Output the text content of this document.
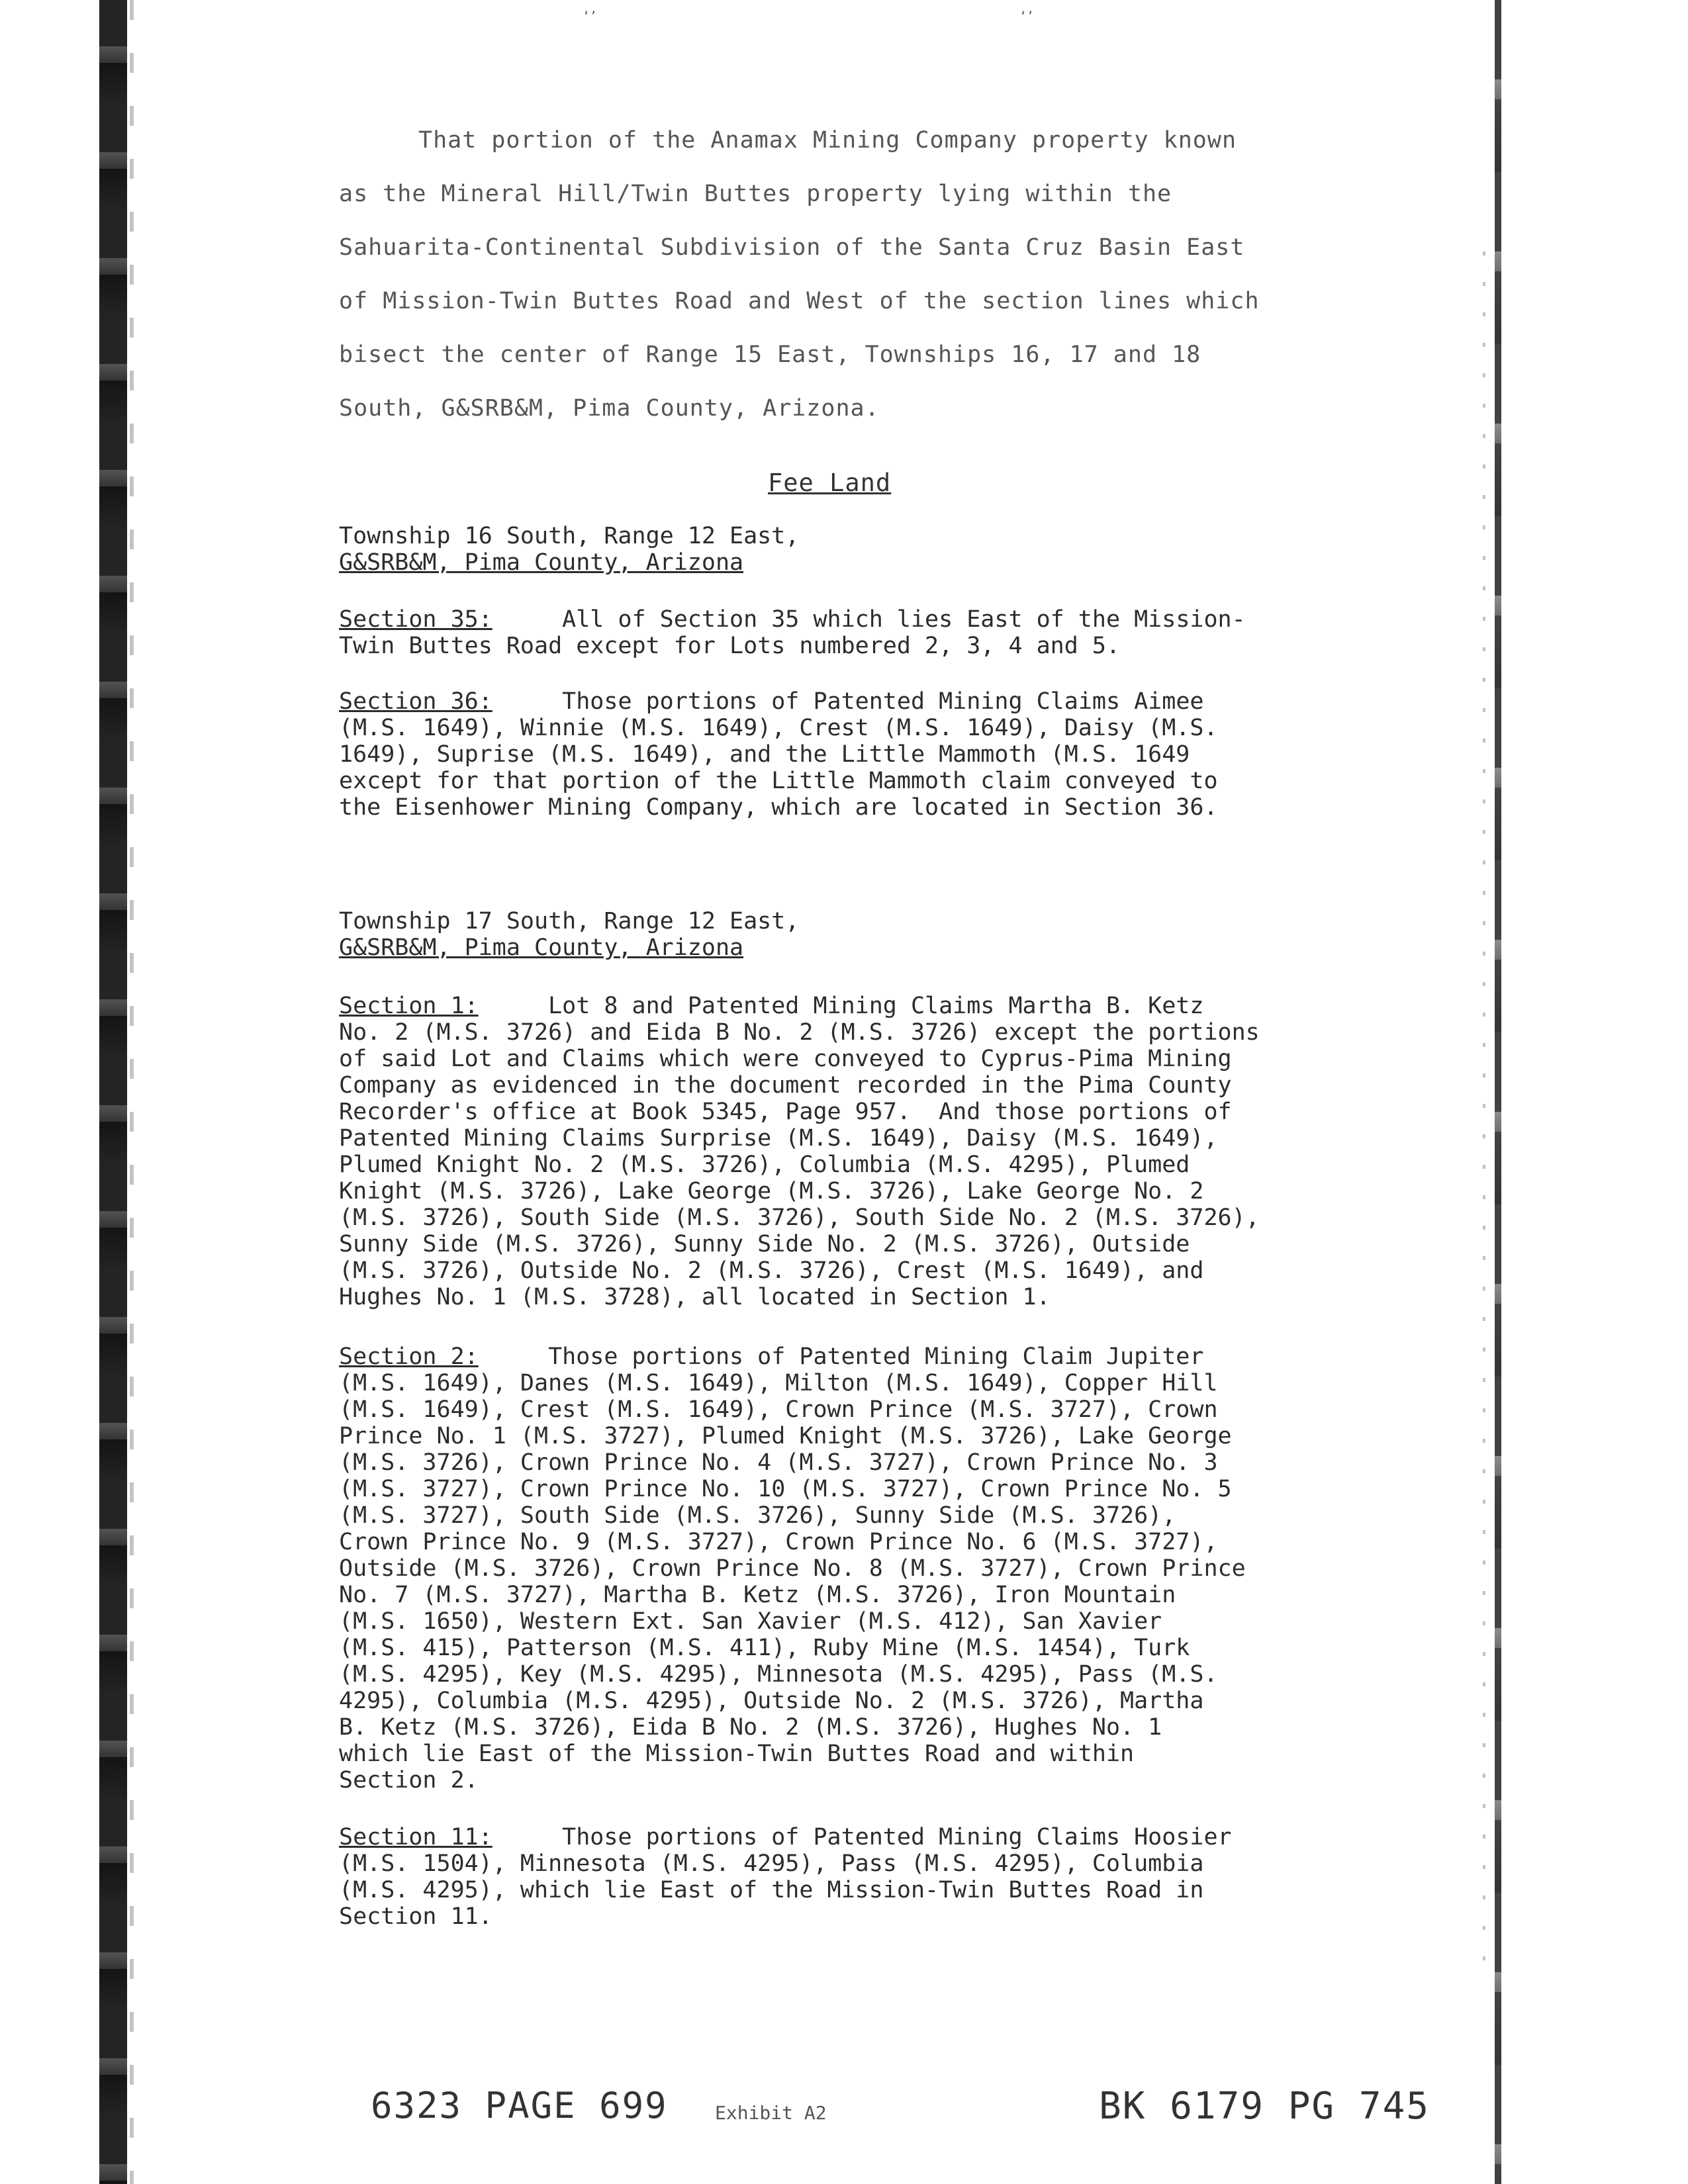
‘’	‘’
That portion of the Anamax Mining Company property known
as the Mineral Hill/Twin Buttes property lying within the
Sahuarita-Continental Subdivision of the Santa Cruz Basin East
of Mission-Twin Buttes Road and West of the section lines which
bisect the center of Range 15 East, Townships 16, 17 and 18
South, G&SRB&M, Pima County, Arizona.
Fee Land
Township 16 South, Range 12 East,
G&SRB&M, Pima County, Arizona
Section 35:     All of Section 35 which lies East of the Mission-
Twin Buttes Road except for Lots numbered 2, 3, 4 and 5.
Section 36:     Those portions of Patented Mining Claims Aimee
(M.S. 1649), Winnie (M.S. 1649), Crest (M.S. 1649), Daisy (M.S.
1649), Suprise (M.S. 1649), and the Little Mammoth (M.S. 1649
except for that portion of the Little Mammoth claim conveyed to
the Eisenhower Mining Company, which are located in Section 36.
Township 17 South, Range 12 East,
G&SRB&M, Pima County, Arizona
Section 1:     Lot 8 and Patented Mining Claims Martha B. Ketz
No. 2 (M.S. 3726) and Eida B No. 2 (M.S. 3726) except the portions
of said Lot and Claims which were conveyed to Cyprus-Pima Mining
Company as evidenced in the document recorded in the Pima County
Recorder's office at Book 5345, Page 957.  And those portions of
Patented Mining Claims Surprise (M.S. 1649), Daisy (M.S. 1649),
Plumed Knight No. 2 (M.S. 3726), Columbia (M.S. 4295), Plumed
Knight (M.S. 3726), Lake George (M.S. 3726), Lake George No. 2
(M.S. 3726), South Side (M.S. 3726), South Side No. 2 (M.S. 3726),
Sunny Side (M.S. 3726), Sunny Side No. 2 (M.S. 3726), Outside
(M.S. 3726), Outside No. 2 (M.S. 3726), Crest (M.S. 1649), and
Hughes No. 1 (M.S. 3728), all located in Section 1.
Section 2:     Those portions of Patented Mining Claim Jupiter
(M.S. 1649), Danes (M.S. 1649), Milton (M.S. 1649), Copper Hill
(M.S. 1649), Crest (M.S. 1649), Crown Prince (M.S. 3727), Crown
Prince No. 1 (M.S. 3727), Plumed Knight (M.S. 3726), Lake George
(M.S. 3726), Crown Prince No. 4 (M.S. 3727), Crown Prince No. 3
(M.S. 3727), Crown Prince No. 10 (M.S. 3727), Crown Prince No. 5
(M.S. 3727), South Side (M.S. 3726), Sunny Side (M.S. 3726),
Crown Prince No. 9 (M.S. 3727), Crown Prince No. 6 (M.S. 3727),
Outside (M.S. 3726), Crown Prince No. 8 (M.S. 3727), Crown Prince
No. 7 (M.S. 3727), Martha B. Ketz (M.S. 3726), Iron Mountain
(M.S. 1650), Western Ext. San Xavier (M.S. 412), San Xavier
(M.S. 415), Patterson (M.S. 411), Ruby Mine (M.S. 1454), Turk
(M.S. 4295), Key (M.S. 4295), Minnesota (M.S. 4295), Pass (M.S.
4295), Columbia (M.S. 4295), Outside No. 2 (M.S. 3726), Martha
B. Ketz (M.S. 3726), Eida B No. 2 (M.S. 3726), Hughes No. 1
which lie East of the Mission-Twin Buttes Road and within
Section 2.
Section 11:     Those portions of Patented Mining Claims Hoosier
(M.S. 1504), Minnesota (M.S. 4295), Pass (M.S. 4295), Columbia
(M.S. 4295), which lie East of the Mission-Twin Buttes Road in
Section 11.
6323 PAGE 699	Exhibit A2	BK 6179 PG 745
